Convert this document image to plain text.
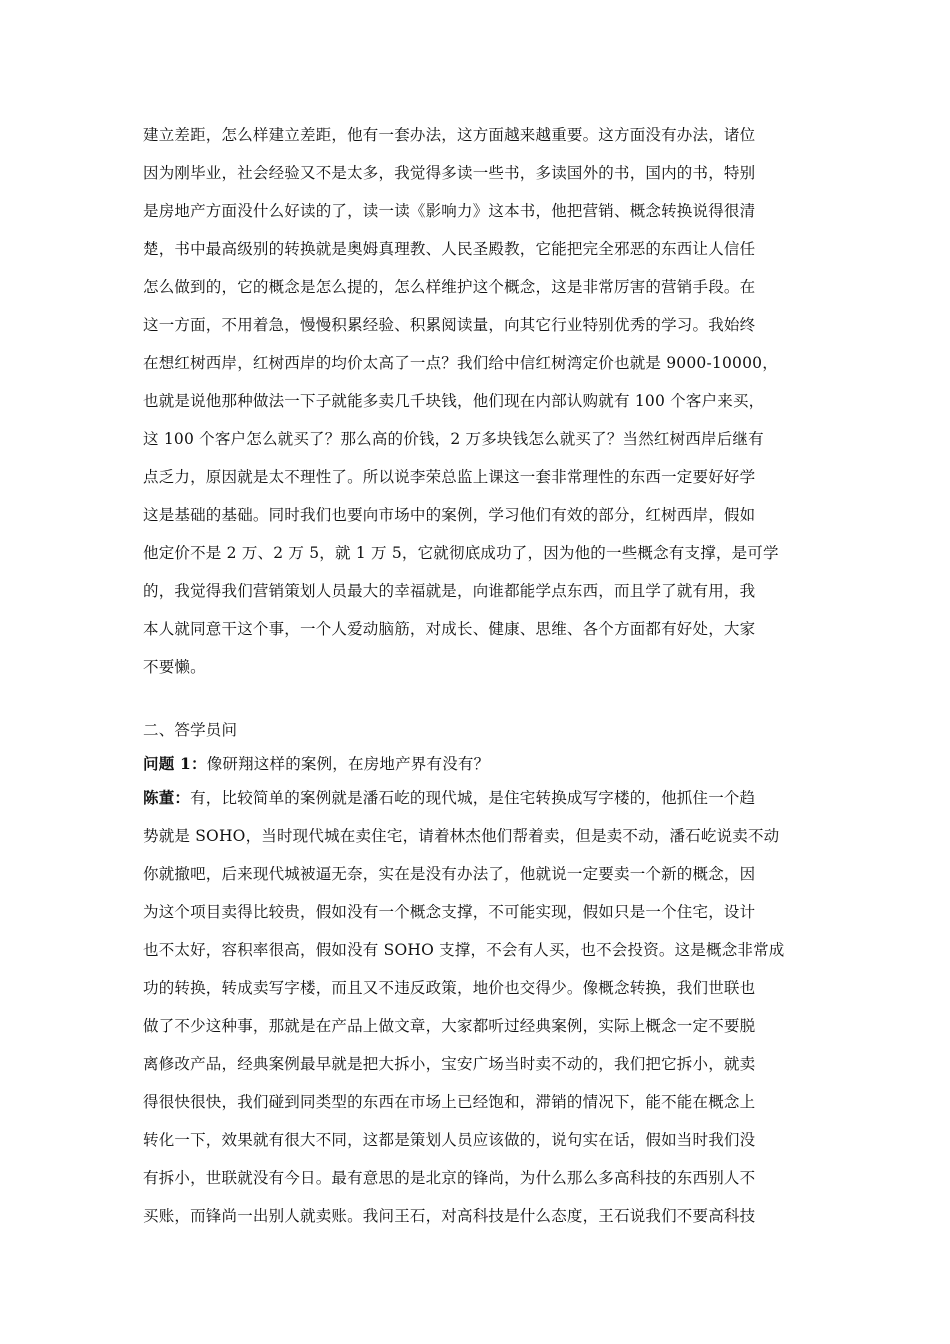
建立差距，怎么样建立差距，他有一套办法，这方面越来越重要。这方面没有办法，诸位
因为刚毕业，社会经验又不是太多，我觉得多读一些书，多读国外的书，国内的书，特别
是房地产方面没什么好读的了，读一读《影响力》这本书，他把营销、概念转换说得很清
楚，书中最高级别的转换就是奥姆真理教、人民圣殿教，它能把完全邪恶的东西让人信任
怎么做到的，它的概念是怎么提的，怎么样维护这个概念，这是非常厉害的营销手段。在
这一方面，不用着急，慢慢积累经验、积累阅读量，向其它行业特别优秀的学习。我始终
在想红树西岸，红树西岸的均价太高了一点？我们给中信红树湾定价也就是 9000-10000，
也就是说他那种做法一下子就能多卖几千块钱，他们现在内部认购就有 100 个客户来买，
这 100 个客户怎么就买了？那么高的价钱，2 万多块钱怎么就买了？当然红树西岸后继有
点乏力，原因就是太不理性了。所以说李荣总监上课这一套非常理性的东西一定要好好学
这是基础的基础。同时我们也要向市场中的案例，学习他们有效的部分，红树西岸，假如
他定价不是 2 万、2 万 5，就 1 万 5，它就彻底成功了，因为他的一些概念有支撑，是可学
的，我觉得我们营销策划人员最大的幸福就是，向谁都能学点东西，而且学了就有用，我
本人就同意干这个事，一个人爱动脑筋，对成长、健康、思维、各个方面都有好处，大家
不要懒。
二、答学员问
问题 1：像研翔这样的案例，在房地产界有没有？
陈董：有，比较简单的案例就是潘石屹的现代城，是住宅转换成写字楼的，他抓住一个趋
势就是 SOHO，当时现代城在卖住宅，请着林杰他们帮着卖，但是卖不动，潘石屹说卖不动
你就撤吧，后来现代城被逼无奈，实在是没有办法了，他就说一定要卖一个新的概念，因
为这个项目卖得比较贵，假如没有一个概念支撑，不可能实现，假如只是一个住宅，设计
也不太好，容积率很高，假如没有 SOHO 支撑，不会有人买，也不会投资。这是概念非常成
功的转换，转成卖写字楼，而且又不违反政策，地价也交得少。像概念转换，我们世联也
做了不少这种事，那就是在产品上做文章，大家都听过经典案例，实际上概念一定不要脱
离修改产品，经典案例最早就是把大拆小，宝安广场当时卖不动的，我们把它拆小，就卖
得很快很快，我们碰到同类型的东西在市场上已经饱和，滞销的情况下，能不能在概念上
转化一下，效果就有很大不同，这都是策划人员应该做的，说句实在话，假如当时我们没
有拆小，世联就没有今日。最有意思的是北京的锋尚，为什么那么多高科技的东西别人不
买账，而锋尚一出别人就卖账。我问王石，对高科技是什么态度，王石说我们不要高科技
